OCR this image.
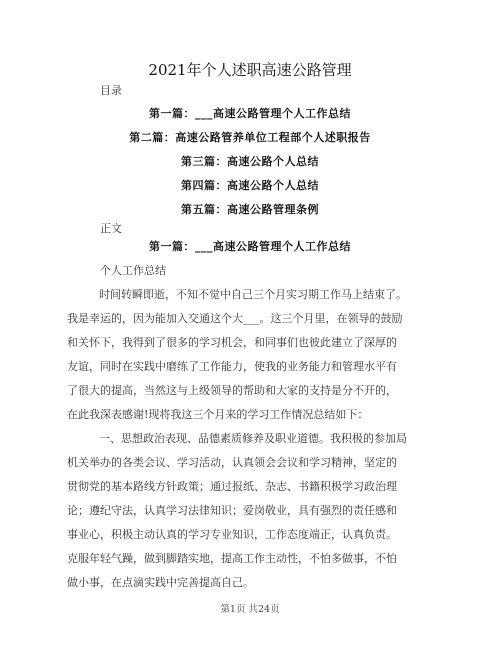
2021年个人述职高速公路管理
目录
第一篇：___高速公路管理个人工作总结
第二篇：高速公路管养单位工程部个人述职报告
第三篇：高速公路个人总结
第四篇：高速公路个人总结
第五篇：高速公路管理条例
正文
第一篇：___高速公路管理个人工作总结
个人工作总结
时间转瞬即逝，不知不觉中自己三个月实习期工作马上结束了。
我是幸运的，因为能加入交通这个大___。这三个月里，在领导的鼓励
和关怀下，我得到了很多的学习机会，和同事们也彼此建立了深厚的
友谊，同时在实践中磨练了工作能力，使我的业务能力和管理水平有
了很大的提高，当然这与上级领导的帮助和大家的支持是分不开的，
在此我深表感谢!现将我这三个月来的学习工作情况总结如下：
一、思想政治表现、品德素质修养及职业道德。我积极的参加局
机关举办的各类会议、学习活动，认真领会会议和学习精神，坚定的
贯彻党的基本路线方针政策；通过报纸、杂志、书籍积极学习政治理
论；遵纪守法，认真学习法律知识；爱岗敬业，具有强烈的责任感和
事业心，积极主动认真的学习专业知识，工作态度端正，认真负责。
克服年轻气躁，做到脚踏实地，提高工作主动性，不怕多做事，不怕
做小事，在点滴实践中完善提高自己。
第1页 共24页
